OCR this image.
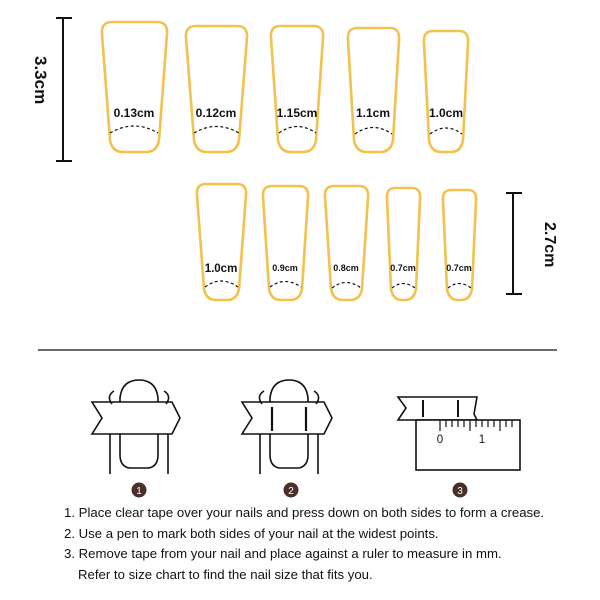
3.3cm
2.7cm
0.13cm	0.12cm	1.15cm	1.1cm	1.0cm
1.0cm	0.9cm	0.8cm	0.7cm	0.7cm
0	1
1	2	3
1. Place clear tape over your nails and press down on both sides to form a crease.
2. Use a pen to mark both sides of your nail at the widest points.
3. Remove tape from your nail and place against a ruler to measure in mm.
Refer to size chart to find the nail size that fits you.
